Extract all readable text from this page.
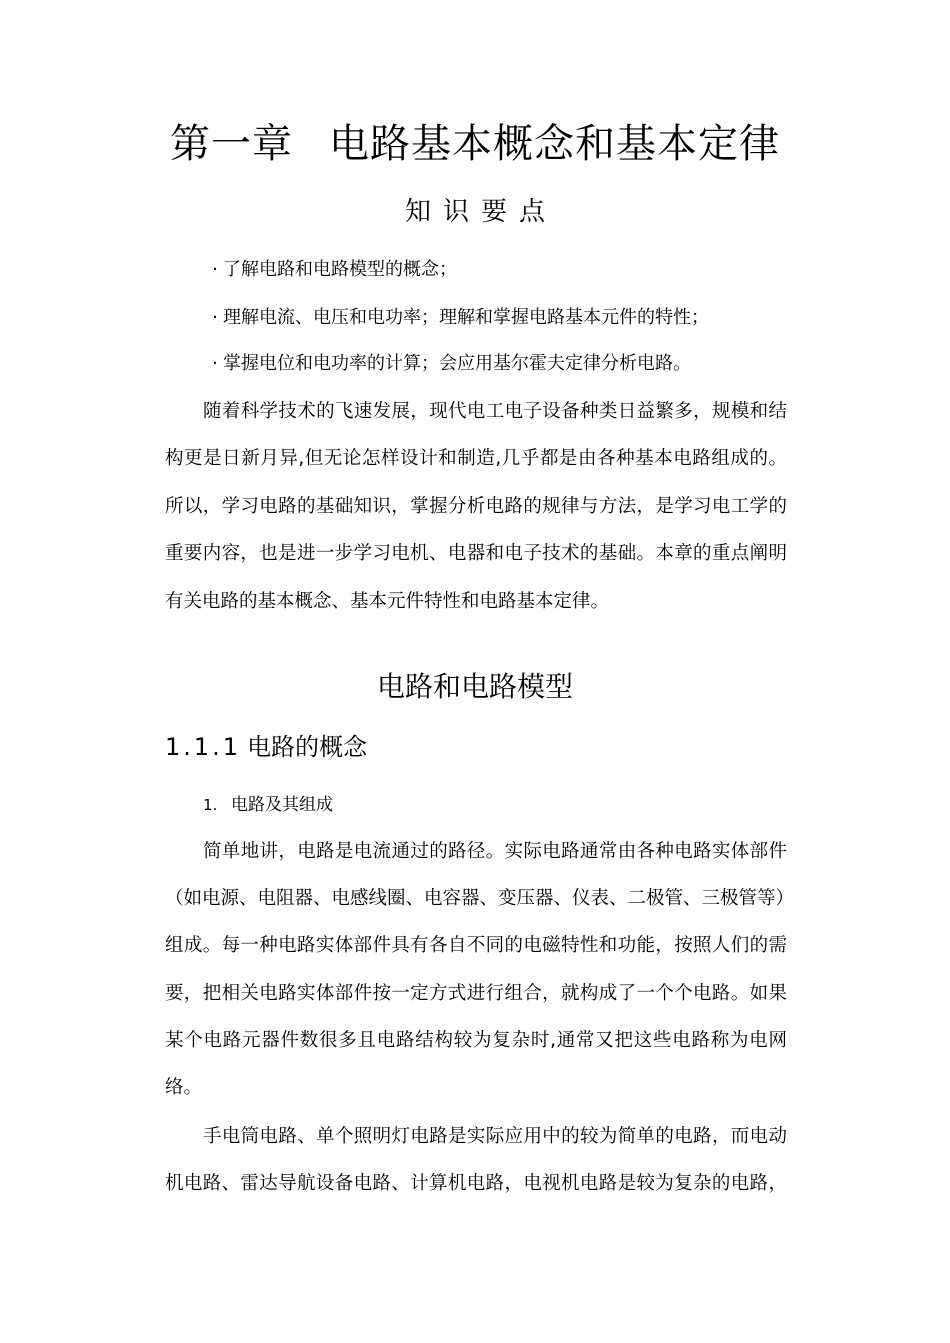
第一章 电路基本概念和基本定律
知识要点
· 了解电路和电路模型的概念；
· 理解电流、电压和电功率；理解和掌握电路基本元件的特性；
· 掌握电位和电功率的计算；会应用基尔霍夫定律分析电路。
随着科学技术的飞速发展，现代电工电子设备种类日益繁多，规模和结
构更是日新月异,但无论怎样设计和制造,几乎都是由各种基本电路组成的。
所以，学习电路的基础知识，掌握分析电路的规律与方法，是学习电工学的
重要内容，也是进一步学习电机、电器和电子技术的基础。本章的重点阐明
有关电路的基本概念、基本元件特性和电路基本定律。
电路和电路模型
1.1.1 电路的概念
1. 电路及其组成
简单地讲，电路是电流通过的路径。实际电路通常由各种电路实体部件
（如电源、电阻器、电感线圈、电容器、变压器、仪表、二极管、三极管等）
组成。每一种电路实体部件具有各自不同的电磁特性和功能，按照人们的需
要，把相关电路实体部件按一定方式进行组合，就构成了一个个电路。如果
某个电路元器件数很多且电路结构较为复杂时,通常又把这些电路称为电网
络。
手电筒电路、单个照明灯电路是实际应用中的较为简单的电路，而电动
机电路、雷达导航设备电路、计算机电路，电视机电路是较为复杂的电路，
